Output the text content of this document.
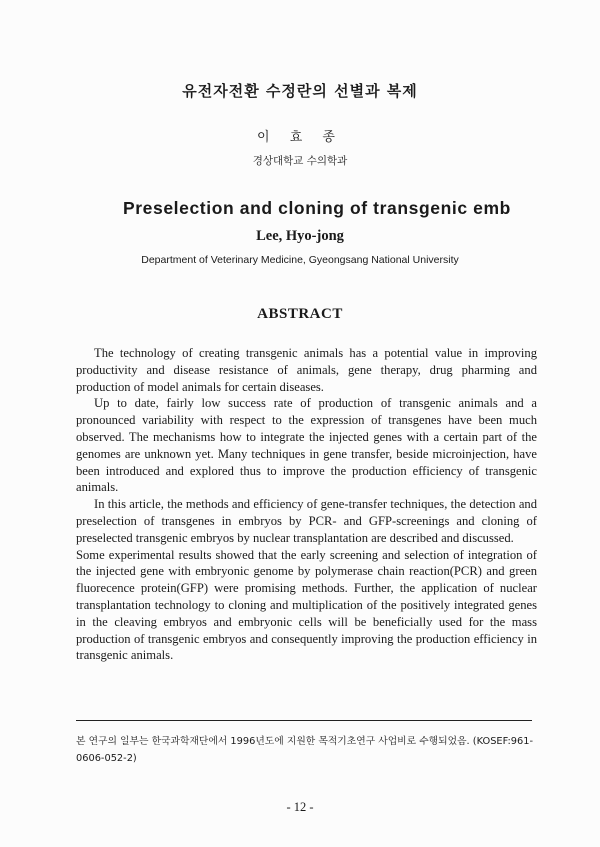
유전자전환 수정란의 선별과 복제
이 효 종
경상대학교 수의학과
Preselection and cloning of transgenic emb
Lee, Hyo-jong
Department of Veterinary Medicine, Gyeongsang National University
ABSTRACT

The technology of creating transgenic animals has a potential value in improving productivity and disease resistance of animals, gene therapy, drug pharming and production of model animals for certain diseases.

Up to date, fairly low success rate of production of transgenic animals and a pronounced variability with respect to the expression of transgenes have been much observed. The mechanisms how to integrate the injected genes with a certain part of the genomes are unknown yet. Many techniques in gene transfer, beside microinjection, have been introduced and explored thus to improve the production efficiency of transgenic animals.

In this article, the methods and efficiency of gene-transfer techniques, the detection and preselection of transgenes in embryos by PCR- and GFP-screenings and cloning of preselected transgenic embryos by nuclear transplantation are described and discussed.

Some experimental results showed that the early screening and selection of integration of the injected gene with embryonic genome by polymerase chain reaction(PCR) and green fluorecence protein(GFP) were promising methods. Further, the application of nuclear transplantation technology to cloning and multiplication of the positively integrated genes in the cleaving embryos and embryonic cells will be beneficially used for the mass production of transgenic embryos and consequently improving the production efficiency in transgenic animals.

본 연구의 일부는 한국과학재단에서 1996년도에 지원한 목적기초연구 사업비로 수행되었음. (KOSEF:961-0606-052-2)
- 12 -
